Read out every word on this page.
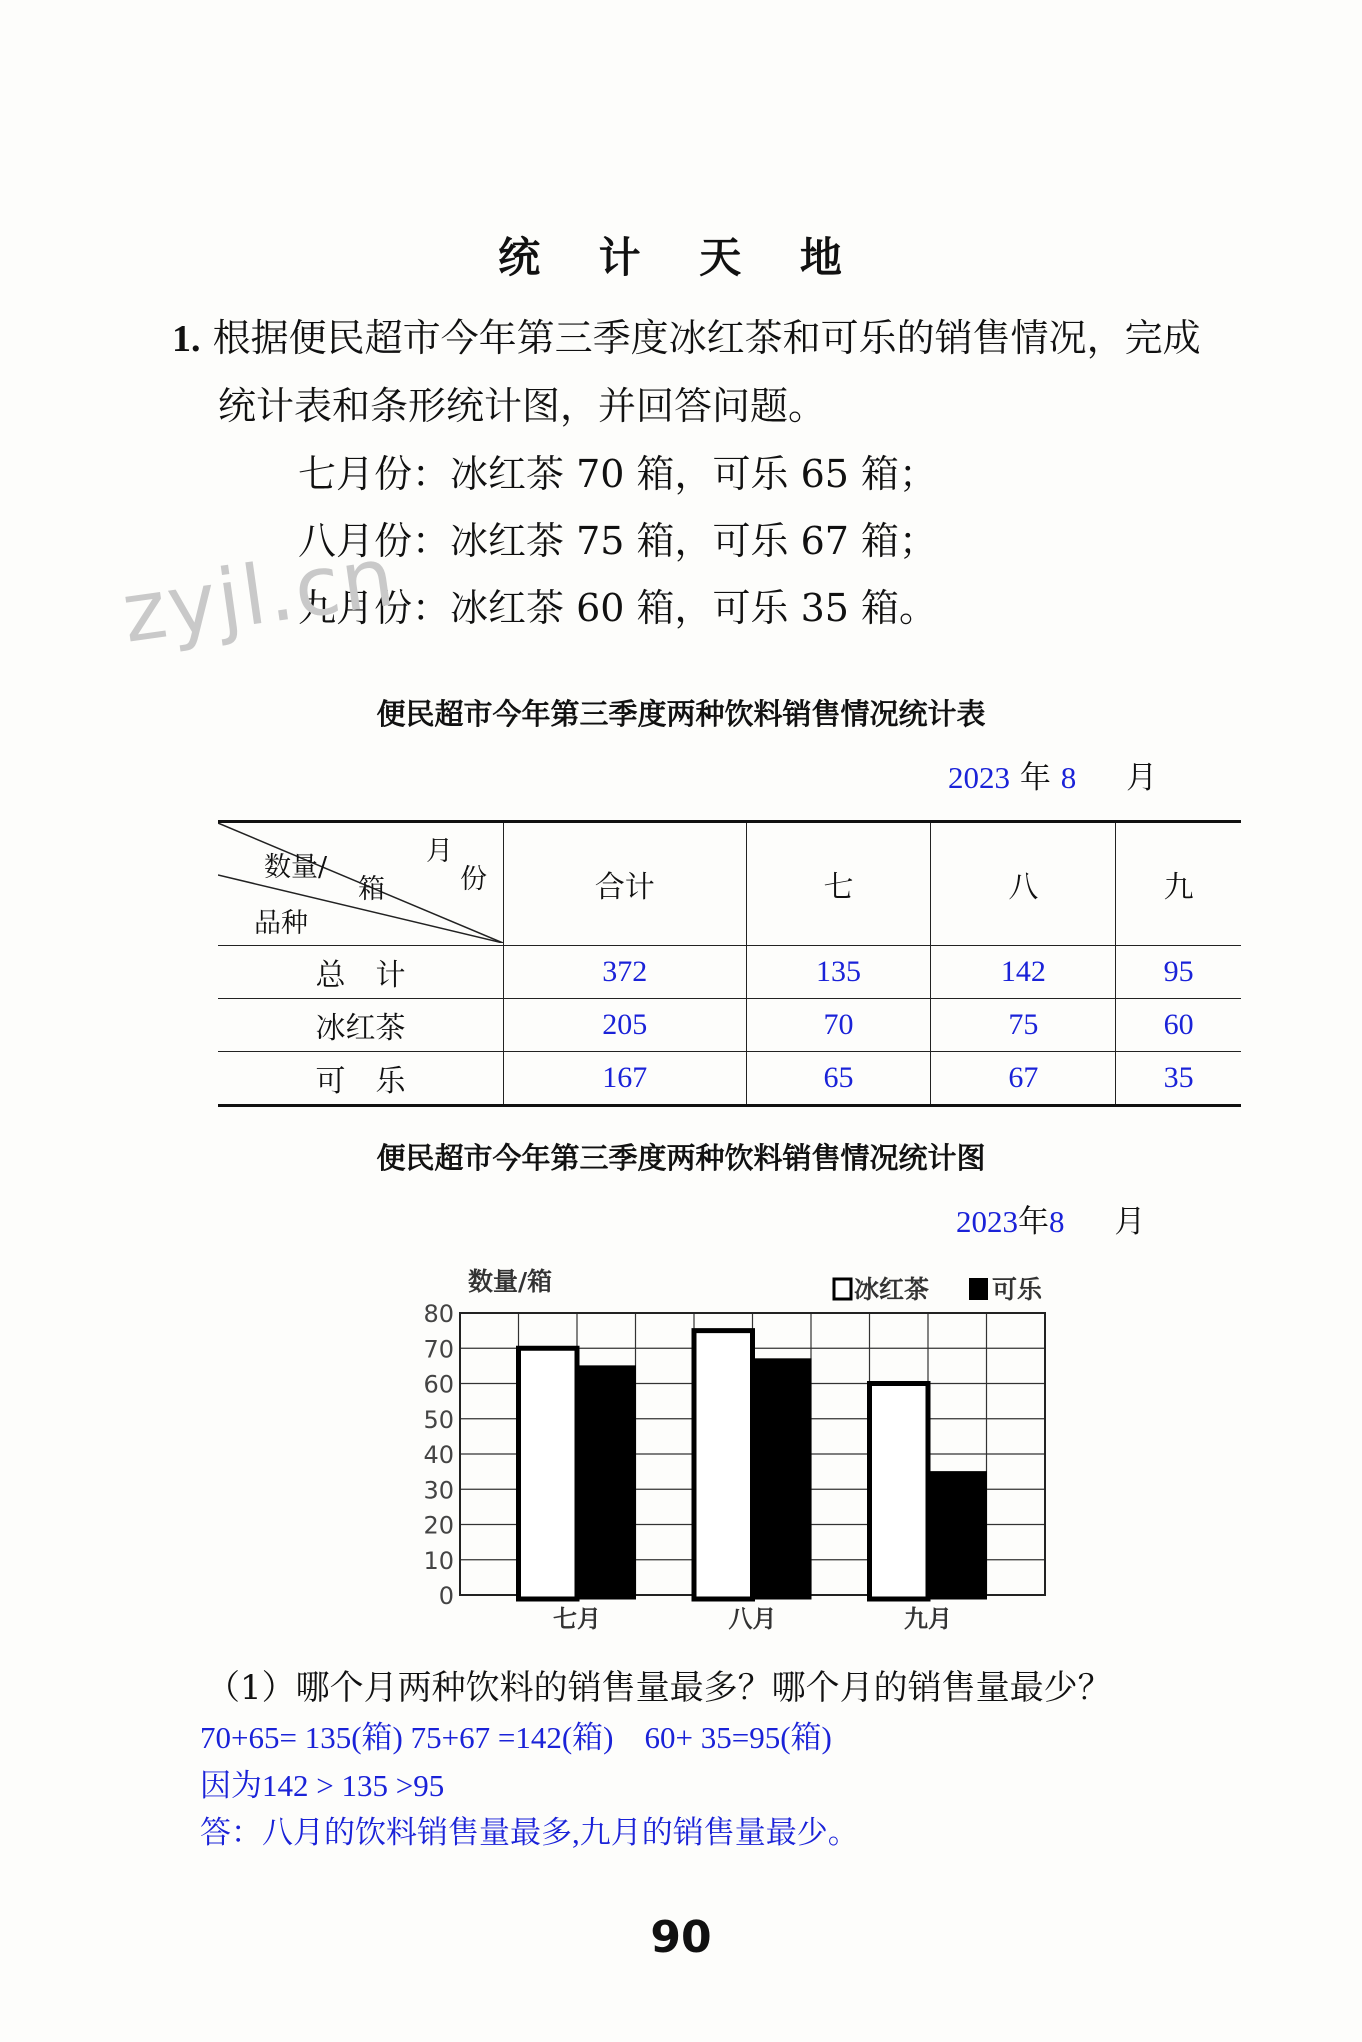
统 计 天 地
1. 根据便民超市今年第三季度冰红茶和可乐的销售情况，完成
统计表和条形统计图，并回答问题。
七月份：冰红茶 70 箱，可乐 65 箱；
八月份：冰红茶 75 箱，可乐 67 箱；
九月份：冰红茶 60 箱，可乐 35 箱。
zyjl.cn
便民超市今年第三季度两种饮料销售情况统计表
2023 年 8 月
月
份
数量/
箱
品种	合计	七	八	九
总　计	372	135	142	95
冰红茶	205	70	75	60
可　乐	167	65	67	35
便民超市今年第三季度两种饮料销售情况统计图
2023年8 月
0
10
20
30
40
50
60
70
80
数量/箱	冰红茶	可乐
七月	八月	九月
（1）哪个月两种饮料的销售量最多？哪个月的销售量最少？
70+65= 135(箱) 75+67 =142(箱)　60+ 35=95(箱)
因为142 > 135 >95
答：八月的饮料销售量最多,九月的销售量最少。
90
